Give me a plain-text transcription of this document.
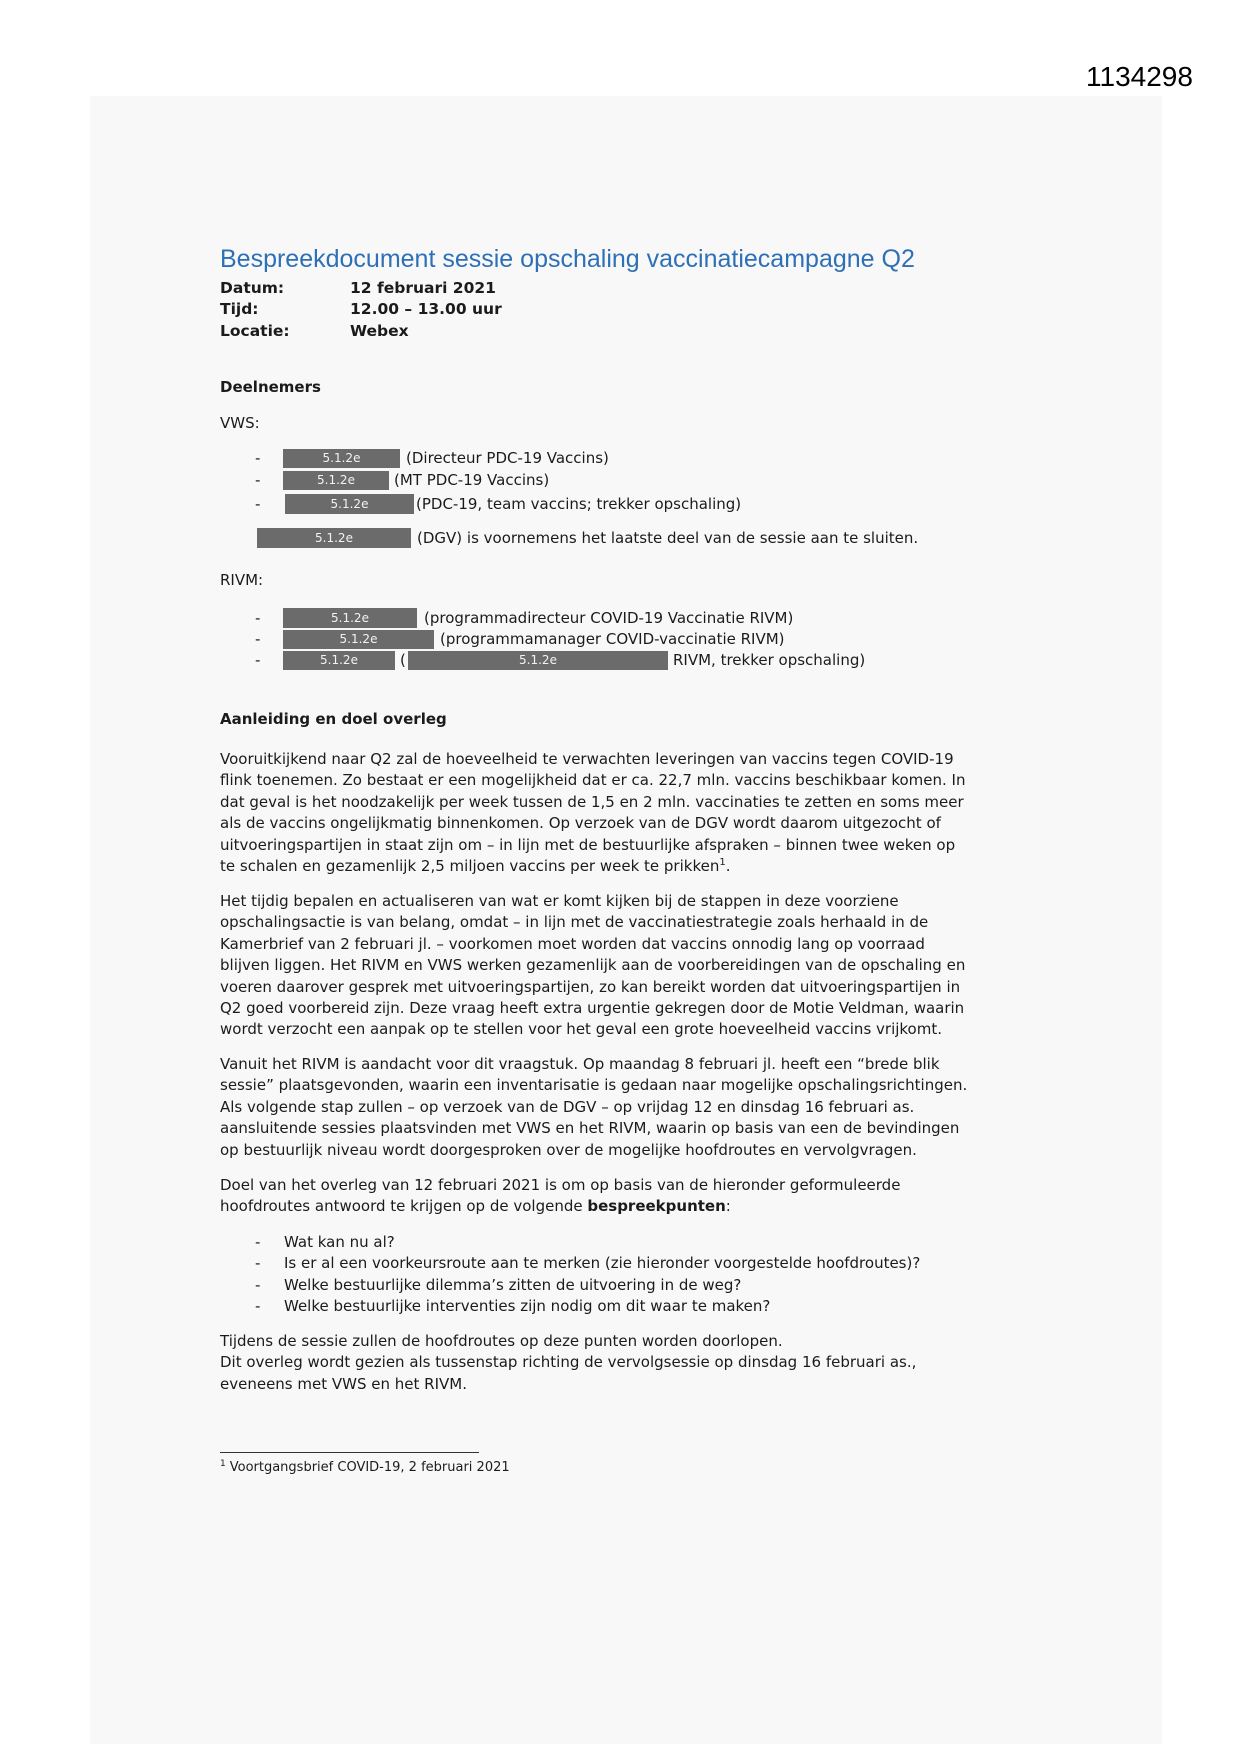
1134298
Bespreekdocument sessie opschaling vaccinatiecampagne Q2
Datum:	12 februari 2021
Tijd:	12.00 – 13.00 uur
Locatie:	Webex
Deelnemers
VWS:
-	5.1.2e	(Directeur PDC-19 Vaccins)
-	5.1.2e	(MT PDC-19 Vaccins)
-	5.1.2e	(PDC-19, team vaccins; trekker opschaling)
5.1.2e	(DGV) is voornemens het laatste deel van de sessie aan te sluiten.
RIVM:
-	5.1.2e	(programmadirecteur COVID-19 Vaccinatie RIVM)
-	5.1.2e	(programmamanager COVID-vaccinatie RIVM)
-	5.1.2e	(	5.1.2e	RIVM, trekker opschaling)
Aanleiding en doel overleg
Vooruitkijkend naar Q2 zal de hoeveelheid te verwachten leveringen van vaccins tegen COVID-19
flink toenemen. Zo bestaat er een mogelijkheid dat er ca. 22,7 mln. vaccins beschikbaar komen. In
dat geval is het noodzakelijk per week tussen de 1,5 en 2 mln. vaccinaties te zetten en soms meer
als de vaccins ongelijkmatig binnenkomen. Op verzoek van de DGV wordt daarom uitgezocht of
uitvoeringspartijen in staat zijn om – in lijn met de bestuurlijke afspraken – binnen twee weken op
te schalen en gezamenlijk 2,5 miljoen vaccins per week te prikken$^1$.
Het tijdig bepalen en actualiseren van wat er komt kijken bij de stappen in deze voorziene
opschalingsactie is van belang, omdat – in lijn met de vaccinatiestrategie zoals herhaald in de
Kamerbrief van 2 februari jl. – voorkomen moet worden dat vaccins onnodig lang op voorraad
blijven liggen. Het RIVM en VWS werken gezamenlijk aan de voorbereidingen van de opschaling en
voeren daarover gesprek met uitvoeringspartijen, zo kan bereikt worden dat uitvoeringspartijen in
Q2 goed voorbereid zijn. Deze vraag heeft extra urgentie gekregen door de Motie Veldman, waarin
wordt verzocht een aanpak op te stellen voor het geval een grote hoeveelheid vaccins vrijkomt.
Vanuit het RIVM is aandacht voor dit vraagstuk. Op maandag 8 februari jl. heeft een “brede blik
sessie” plaatsgevonden, waarin een inventarisatie is gedaan naar mogelijke opschalingsrichtingen.
Als volgende stap zullen – op verzoek van de DGV – op vrijdag 12 en dinsdag 16 februari as.
aansluitende sessies plaatsvinden met VWS en het RIVM, waarin op basis van een de bevindingen
op bestuurlijk niveau wordt doorgesproken over de mogelijke hoofdroutes en vervolgvragen.
Doel van het overleg van 12 februari 2021 is om op basis van de hieronder geformuleerde
hoofdroutes antwoord te krijgen op de volgende bespreekpunten:
- Wat kan nu al?
- Is er al een voorkeursroute aan te merken (zie hieronder voorgestelde hoofdroutes)?
- Welke bestuurlijke dilemma’s zitten de uitvoering in de weg?
- Welke bestuurlijke interventies zijn nodig om dit waar te maken?
Tijdens de sessie zullen de hoofdroutes op deze punten worden doorlopen.
Dit overleg wordt gezien als tussenstap richting de vervolgsessie op dinsdag 16 februari as.,
eveneens met VWS en het RIVM.
$^1$ Voortgangsbrief COVID-19, 2 februari 2021
